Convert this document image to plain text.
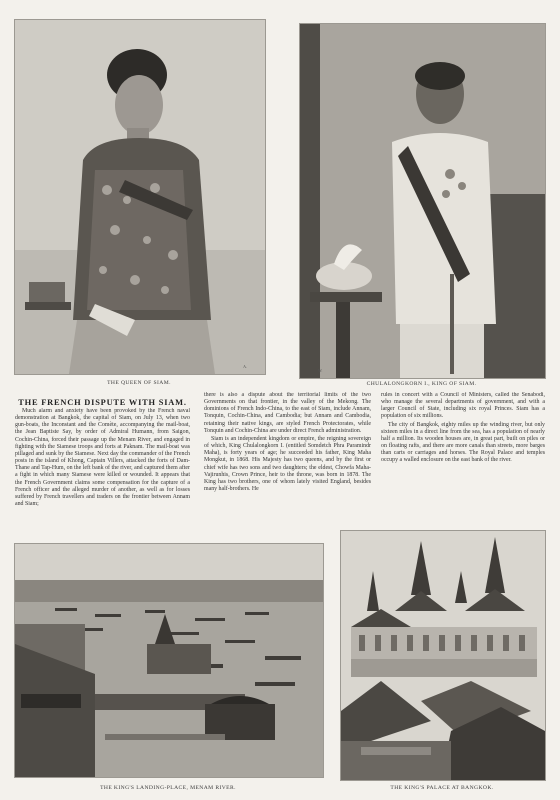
A.
THE QUEEN OF SIAM.
W.
CHULALONGKORN I., KING OF SIAM.
THE FRENCH DISPUTE WITH SIAM.

Much alarm and anxiety have been provoked by the French naval demonstration at Bangkok, the capital of Siam, on July 13, when two gun-boats, the Inconstant and the Comète, accompanying the mail-boat, the Jean Baptiste Say, by order of Admiral Humann, from Saigon, Cochin-China, forced their passage up the Menam River, and engaged in fighting with the Siamese troops and forts at Paknam. The mail-boat was pillaged and sunk by the Siamese. Next day the commander of the French posts in the island of Khong, Captain Villers, attacked the forts of Dam-Thane and Tap-Hum, on the left bank of the river, and captured them after a fight in which many Siamese were killed or wounded. It appears that the French Government claims some compensation for the capture of a French officer and the alleged murder of another, as well as for losses suffered by French travellers and traders on the frontier between Annam and Siam;

there is also a dispute about the territorial limits of the two Governments on that frontier, in the valley of the Mekong. The dominions of French Indo-China, to the east of Siam, include Annam, Tonquin, Cochin-China, and Cambodia; but Annam and Cambodia, retaining their native kings, are styled French Protectorates, while Tonquin and Cochin-China are under direct French administration.

Siam is an independent kingdom or empire, the reigning sovereign of which, King Chulalongkorn I. (entitled Somdetch Phra Paramindr Maha), is forty years of age; he succeeded his father, King Maha Mongkut, in 1868. His Majesty has two queens, and by the first or chief wife has two sons and two daughters; the eldest, Chowfa Maha-Vajirunhis, Crown Prince, heir to the throne, was born in 1878. The King has two brothers, one of whom lately visited England, besides many half-brothers. He

rules in concert with a Council of Ministers, called the Senabodi, who manage the several departments of government, and with a larger Council of State, including six royal Princes. Siam has a population of six millions.

The city of Bangkok, eighty miles up the winding river, but only sixteen miles in a direct line from the sea, has a population of nearly half a million. Its wooden houses are, in great part, built on piles or on floating rafts, and there are more canals than streets, more barges than carts or carriages and horses. The Royal Palace and temples occupy a walled enclosure on the east bank of the river.

THE KING'S LANDING-PLACE, MENAM RIVER.	THE KING'S PALACE AT BANGKOK.
